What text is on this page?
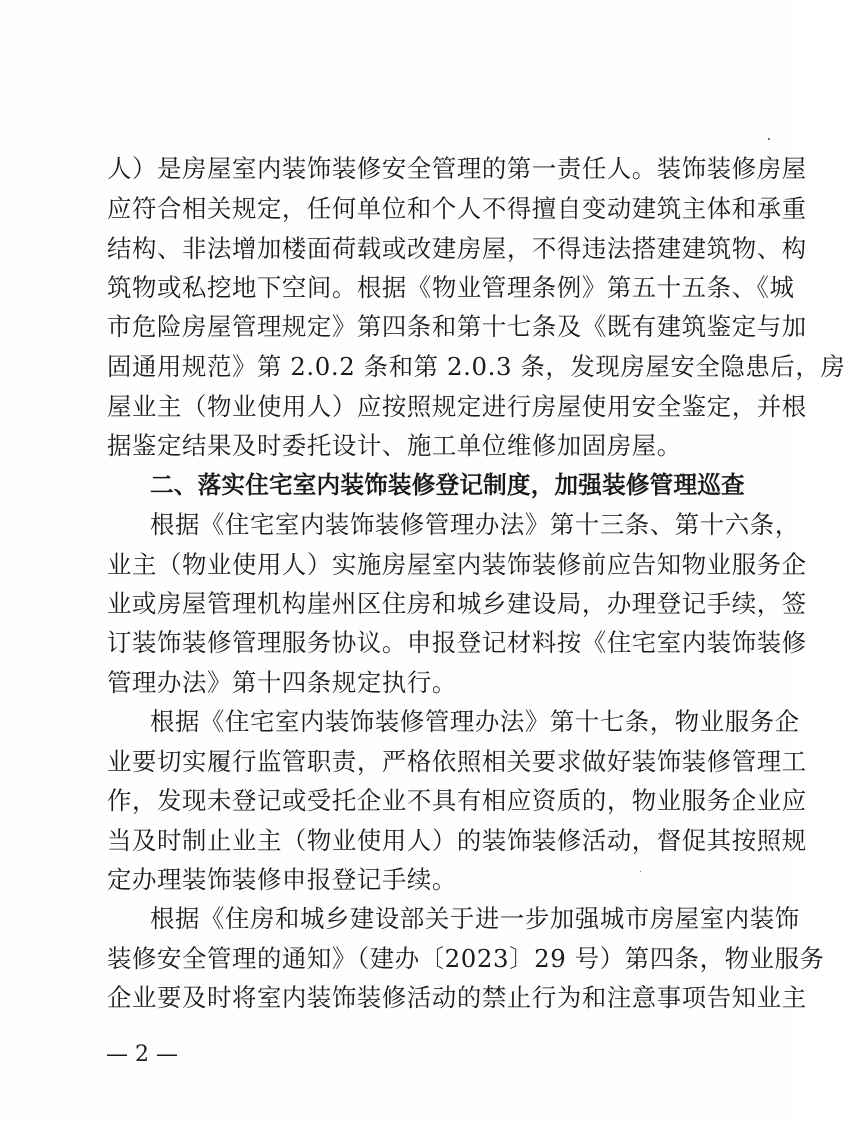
人）是房屋室内装饰装修安全管理的第一责任人。装饰装修房屋
应符合相关规定，任何单位和个人不得擅自变动建筑主体和承重
结构、非法增加楼面荷载或改建房屋，不得违法搭建建筑物、构
筑物或私挖地下空间。根据《物业管理条例》第五十五条、《城
市危险房屋管理规定》第四条和第十七条及《既有建筑鉴定与加
固通用规范》第 2.0.2 条和第 2.0.3 条，发现房屋安全隐患后，房
屋业主（物业使用人）应按照规定进行房屋使用安全鉴定，并根
据鉴定结果及时委托设计、施工单位维修加固房屋。
二、落实住宅室内装饰装修登记制度，加强装修管理巡查
根据《住宅室内装饰装修管理办法》第十三条、第十六条，
业主（物业使用人）实施房屋室内装饰装修前应告知物业服务企
业或房屋管理机构崖州区住房和城乡建设局，办理登记手续，签
订装饰装修管理服务协议。申报登记材料按《住宅室内装饰装修
管理办法》第十四条规定执行。
根据《住宅室内装饰装修管理办法》第十七条，物业服务企
业要切实履行监管职责，严格依照相关要求做好装饰装修管理工
作，发现未登记或受托企业不具有相应资质的，物业服务企业应
当及时制止业主（物业使用人）的装饰装修活动，督促其按照规
定办理装饰装修申报登记手续。
根据《住房和城乡建设部关于进一步加强城市房屋室内装饰
装修安全管理的通知》（建办〔2023〕29 号）第四条，物业服务
企业要及时将室内装饰装修活动的禁止行为和注意事项告知业主
— 2 —
